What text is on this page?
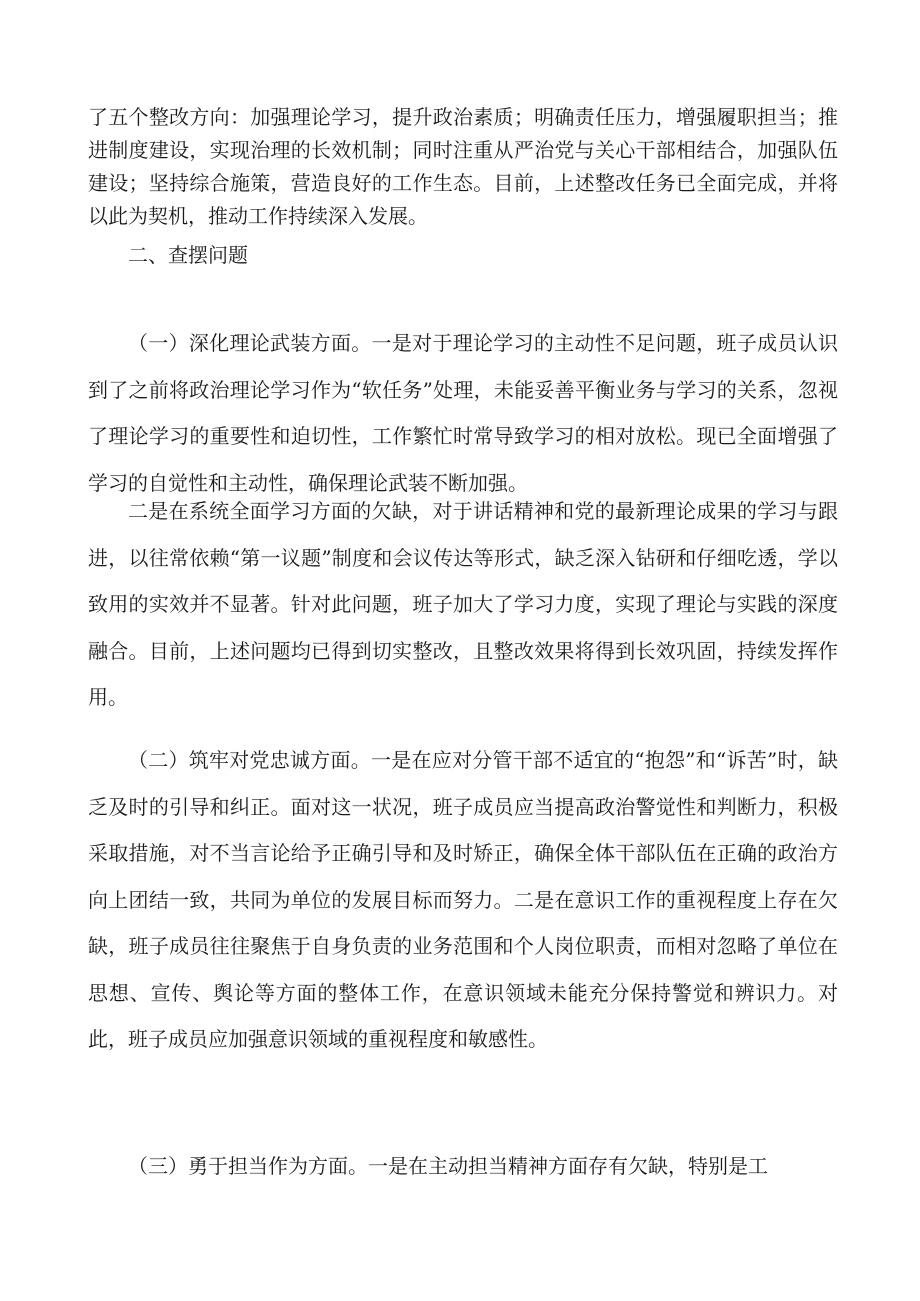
了五个整改方向：加强理论学习，提升政治素质；明确责任压力，增强履职担当；推进制度建设，实现治理的长效机制；同时注重从严治党与关心干部相结合，加强队伍建设；坚持综合施策，营造良好的工作生态。目前，上述整改任务已全面完成，并将以此为契机，推动工作持续深入发展。

二、查摆问题

（一）深化理论武装方面。一是对于理论学习的主动性不足问题，班子成员认识到了之前将政治理论学习作为“软任务”处理，未能妥善平衡业务与学习的关系，忽视了理论学习的重要性和迫切性，工作繁忙时常导致学习的相对放松。现已全面增强了学习的自觉性和主动性，确保理论武装不断加强。

二是在系统全面学习方面的欠缺，对于讲话精神和党的最新理论成果的学习与跟进，以往常依赖“第一议题”制度和会议传达等形式，缺乏深入钻研和仔细吃透，学以致用的实效并不显著。针对此问题，班子加大了学习力度，实现了理论与实践的深度融合。目前，上述问题均已得到切实整改，且整改效果将得到长效巩固，持续发挥作用。

（二）筑牢对党忠诚方面。一是在应对分管干部不适宜的“抱怨”和“诉苦”时，缺乏及时的引导和纠正。面对这一状况，班子成员应当提高政治警觉性和判断力，积极采取措施，对不当言论给予正确引导和及时矫正，确保全体干部队伍在正确的政治方向上团结一致，共同为单位的发展目标而努力。二是在意识工作的重视程度上存在欠缺，班子成员往往聚焦于自身负责的业务范围和个人岗位职责，而相对忽略了单位在思想、宣传、舆论等方面的整体工作，在意识领域未能充分保持警觉和辨识力。对此，班子成员应加强意识领域的重视程度和敏感性。

（三）勇于担当作为方面。一是在主动担当精神方面存有欠缺，特别是工
